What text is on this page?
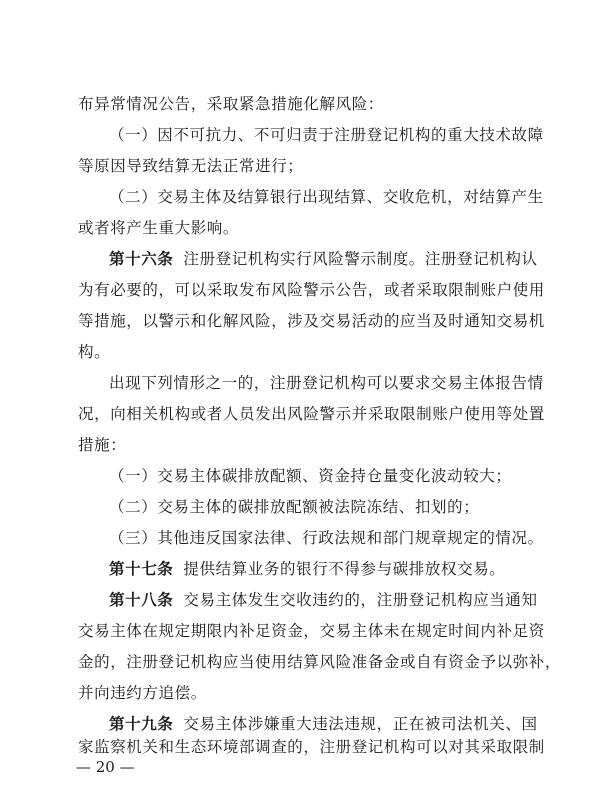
布异常情况公告，采取紧急措施化解风险：
（一）因不可抗力、不可归责于注册登记机构的重大技术故障
等原因导致结算无法正常进行；
（二）交易主体及结算银行出现结算、交收危机，对结算产生
或者将产生重大影响。
第十六条 注册登记机构实行风险警示制度。注册登记机构认
为有必要的，可以采取发布风险警示公告，或者采取限制账户使用
等措施，以警示和化解风险，涉及交易活动的应当及时通知交易机
构。
出现下列情形之一的，注册登记机构可以要求交易主体报告情
况，向相关机构或者人员发出风险警示并采取限制账户使用等处置
措施：
（一）交易主体碳排放配额、资金持仓量变化波动较大；
（二）交易主体的碳排放配额被法院冻结、扣划的；
（三）其他违反国家法律、行政法规和部门规章规定的情况。
第十七条 提供结算业务的银行不得参与碳排放权交易。
第十八条 交易主体发生交收违约的，注册登记机构应当通知
交易主体在规定期限内补足资金，交易主体未在规定时间内补足资
金的，注册登记机构应当使用结算风险准备金或自有资金予以弥补，
并向违约方追偿。
第十九条 交易主体涉嫌重大违法违规，正在被司法机关、国
家监察机关和生态环境部调查的，注册登记机构可以对其采取限制
— 20 —
